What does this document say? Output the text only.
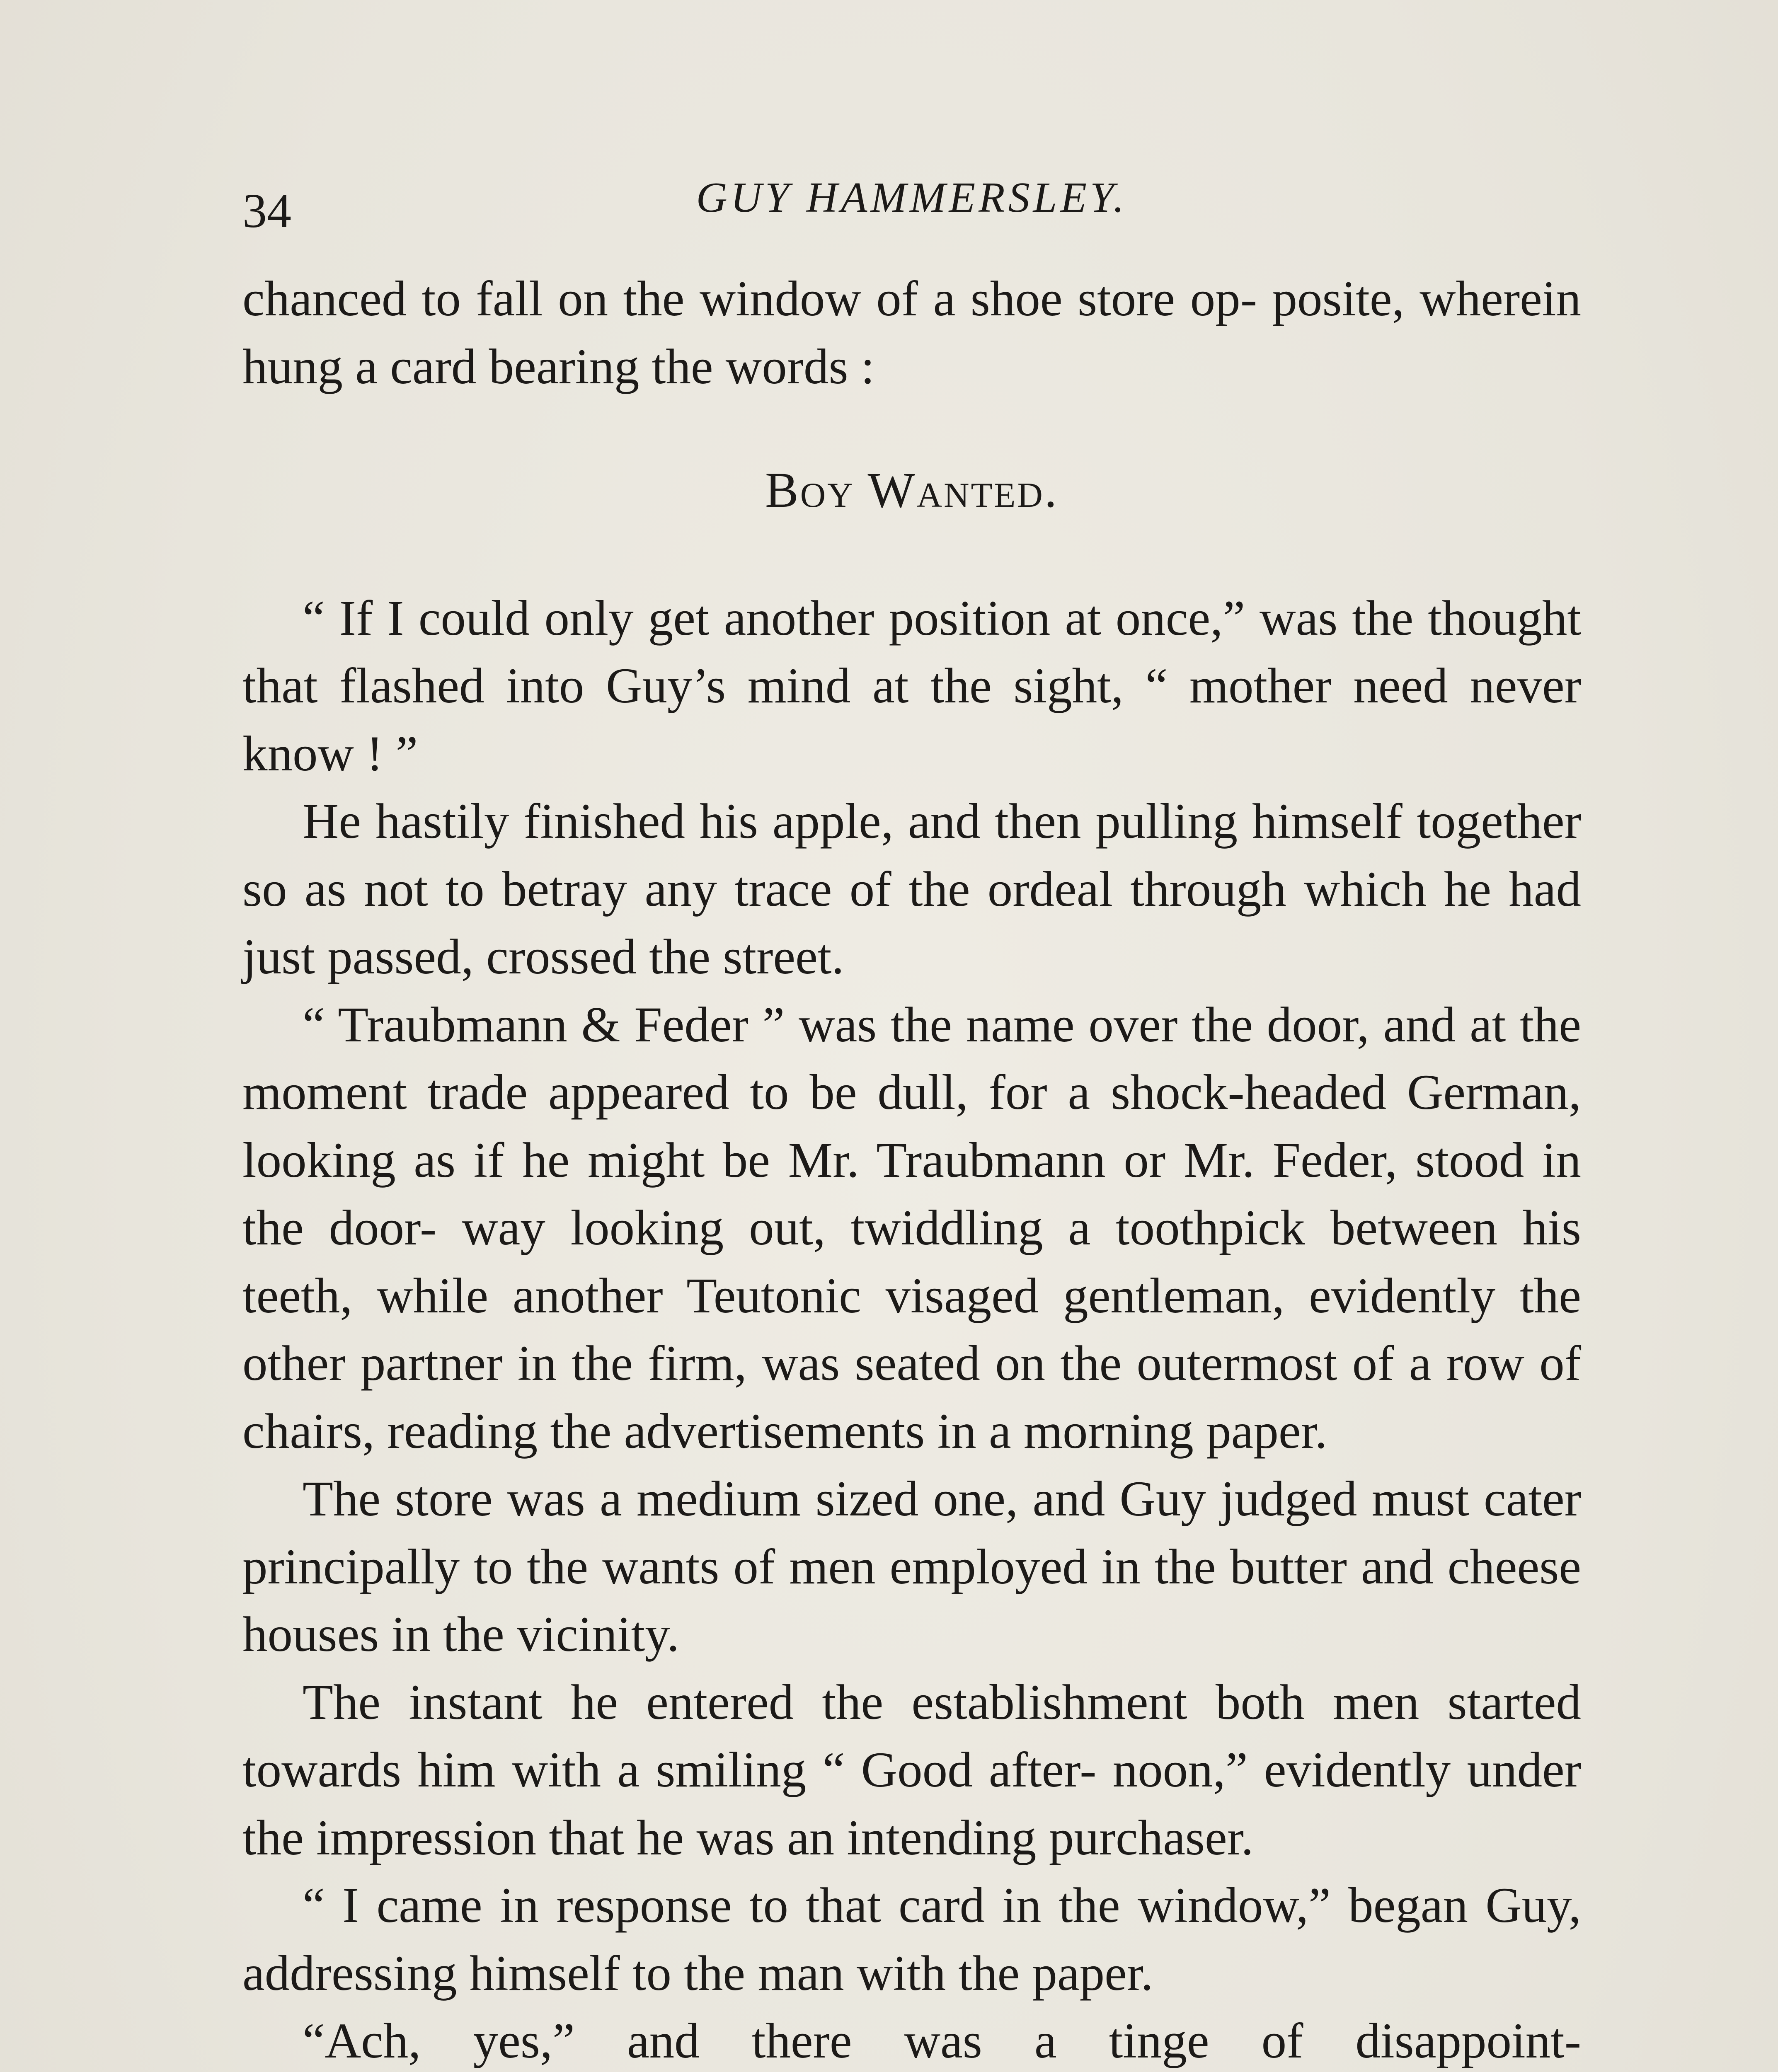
34	GUY HAMMERSLEY.

chanced to fall on the window of a shoe store op- posite, wherein hung a card bearing the words :

Boy Wanted.

“ If I could only get another position at once,” was the thought that flashed into Guy’s mind at the sight, “ mother need never know ! ”

He hastily finished his apple, and then pulling himself together so as not to betray any trace of the ordeal through which he had just passed, crossed the street.

“ Traubmann & Feder ” was the name over the door, and at the moment trade appeared to be dull, for a shock-headed German, looking as if he might be Mr. Traubmann or Mr. Feder, stood in the door- way looking out, twiddling a toothpick between his teeth, while another Teutonic visaged gentleman, evidently the other partner in the firm, was seated on the outermost of a row of chairs, reading the advertisements in a morning paper.

The store was a medium sized one, and Guy judged must cater principally to the wants of men employed in the butter and cheese houses in the vicinity.

The instant he entered the establishment both men started towards him with a smiling “ Good after- noon,” evidently under the impression that he was an intending purchaser.

“ I came in response to that card in the window,” began Guy, addressing himself to the man with the paper.

“Ach, yes,” and there was a tinge of disappoint-
